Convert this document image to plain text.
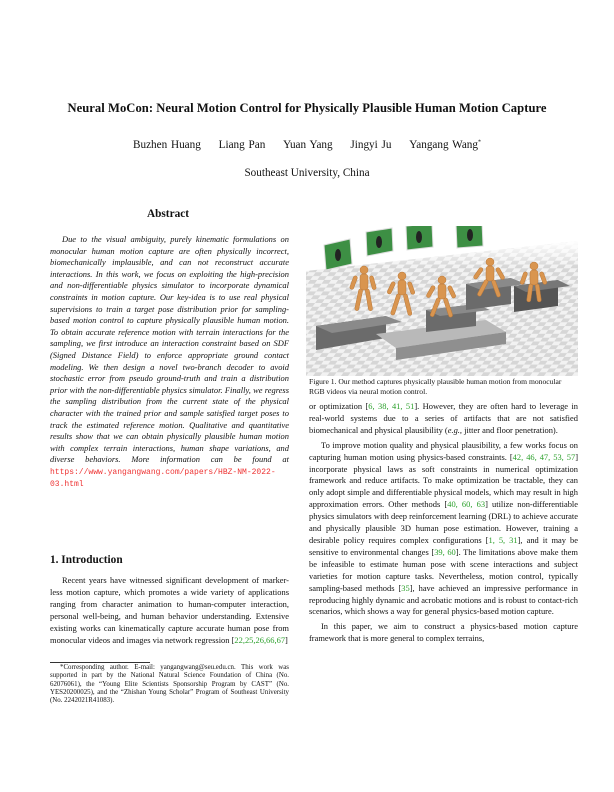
Neural MoCon: Neural Motion Control for Physically Plausible Human Motion Capture
Buzhen Huang Liang Pan Yuan Yang Jingyi Ju Yangang Wang*
Southeast University, China
Abstract
Due to the visual ambiguity, purely kinematic formulations on monocular human motion capture are often physically incorrect, biomechanically implausible, and can not reconstruct accurate interactions. In this work, we focus on exploiting the high-precision and non-differentiable physics simulator to incorporate dynamical constraints in motion capture. Our key-idea is to use real physical supervisions to train a target pose distribution prior for sampling-based motion control to capture physically plausible human motion. To obtain accurate reference motion with terrain interactions for the sampling, we first introduce an interaction constraint based on SDF (Signed Distance Field) to enforce appropriate ground contact modeling. We then design a novel two-branch decoder to avoid stochastic error from pseudo ground-truth and train a distribution prior with the non-differentiable physics simulator. Finally, we regress the sampling distribution from the current state of the physical character with the trained prior and sample satisfied target poses to track the estimated reference motion. Qualitative and quantitative results show that we can obtain physically plausible human motion with complex terrain interactions, human shape variations, and diverse behaviors. More information can be found at https://www.yangangwang.com/papers/HBZ-NM-2022-03.html
1. Introduction
Recent years have witnessed significant development of marker-less motion capture, which promotes a wide variety of applications ranging from character animation to human-computer interaction, personal well-being, and human behavior understanding. Extensive existing works can kinematically capture accurate human pose from monocular videos and images via network regression [22,25,26,66,67]
*Corresponding author. E-mail: yangangwang@seu.edu.cn. This work was supported in part by the National Natural Science Foundation of China (No. 62076061), the “Young Elite Scientists Sponsorship Program by CAST” (No. YES20200025), and the “Zhishan Young Scholar” Program of Southeast University (No. 2242021R41083).
Figure 1. Our method captures physically plausible human motion from monocular RGB videos via neural motion control.

or optimization [6, 38, 41, 51]. However, they are often hard to leverage in real-world systems due to a series of artifacts that are not satisfied biomechanical and physical plausibility (e.g., jitter and floor penetration).

To improve motion quality and physical plausibility, a few works focus on capturing human motion using physics-based constraints. [42, 46, 47, 53, 57] incorporate physical laws as soft constraints in numerical optimization framework and reduce artifacts. To make optimization be tractable, they can only adopt simple and differentiable physical models, which may result in high approximation errors. Other methods [40, 60, 63] utilize non-differentiable physics simulators with deep reinforcement learning (DRL) to achieve accurate and physically plausible 3D human pose estimation. However, training a desirable policy requires complex configurations [1, 5, 31], and it may be sensitive to environmental changes [39, 60]. The limitations above make them be infeasible to estimate human pose with scene interactions and subject varieties for motion capture tasks. Nevertheless, motion control, typically sampling-based methods [35], have achieved an impressive performance in reproducing highly dynamic and acrobatic motions and is robust to contact-rich scenarios, which shows a way for general physics-based motion capture.

In this paper, we aim to construct a physics-based motion capture framework that is more general to complex terrains,
